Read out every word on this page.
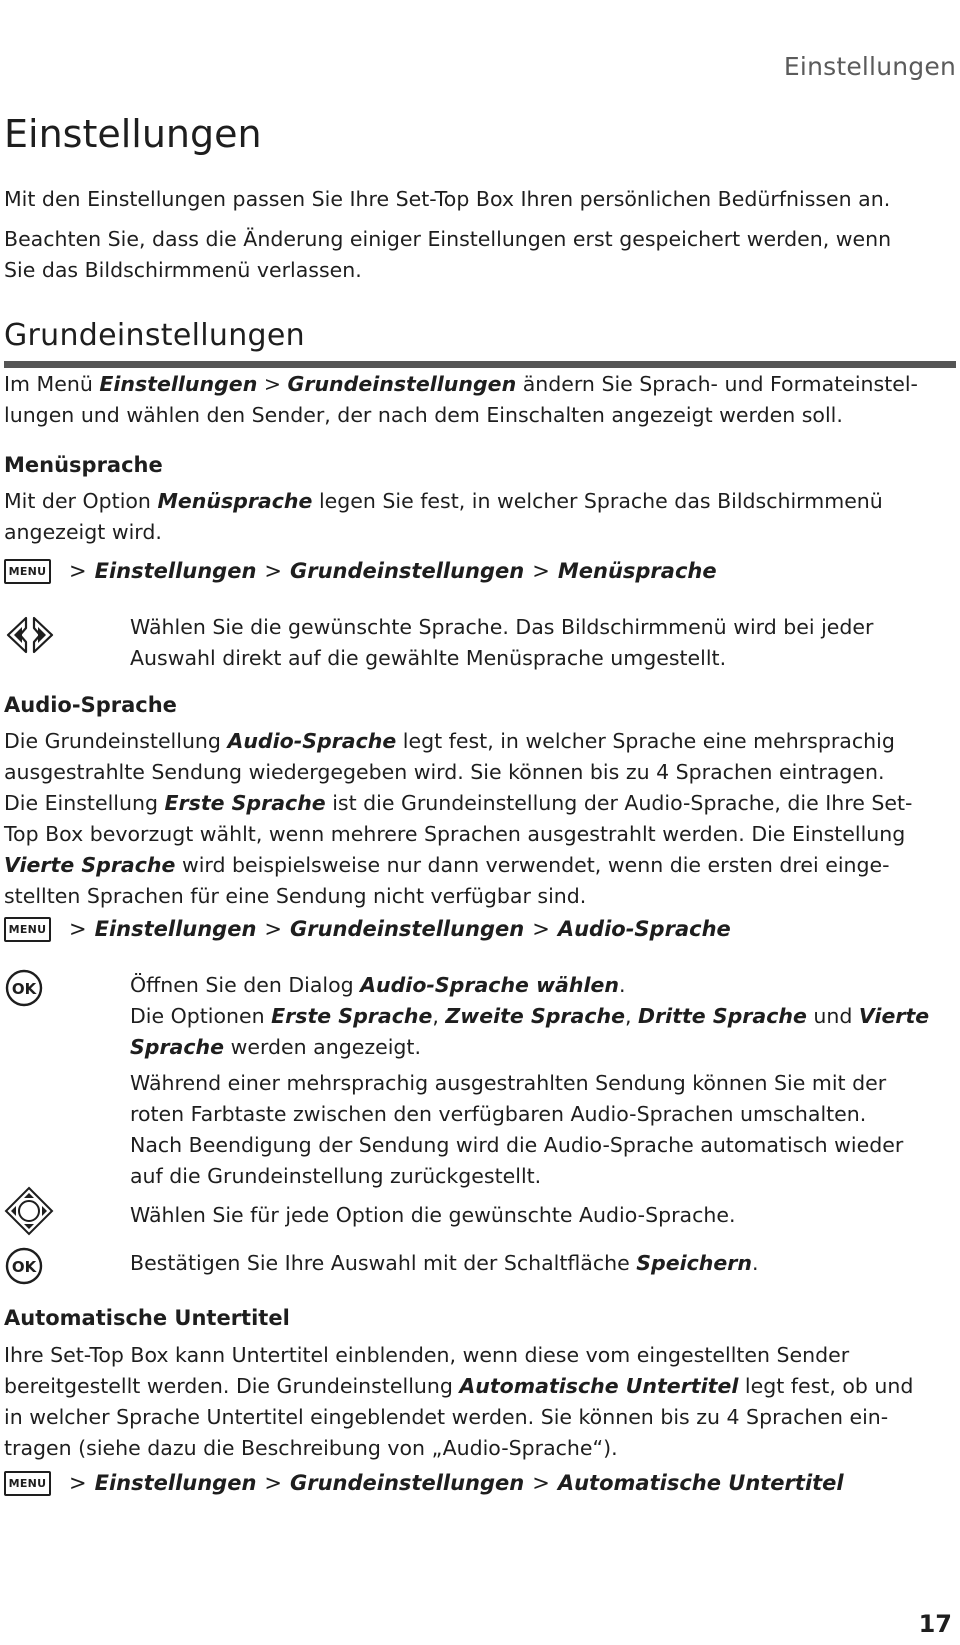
Einstellungen
Einstellungen
Mit den Einstellungen passen Sie Ihre Set-Top Box Ihren persönlichen Bedürfnissen an.
Beachten Sie, dass die Änderung einiger Einstellungen erst gespeichert werden, wenn
Sie das Bildschirmmenü verlassen.
Grundeinstellungen
Im Menü Einstellungen > Grundeinstellungen ändern Sie Sprach- und Formateinstel-
lungen und wählen den Sender, der nach dem Einschalten angezeigt werden soll.
Menüsprache
Mit der Option Menüsprache legen Sie fest, in welcher Sprache das Bildschirmmenü
angezeigt wird.
MENU > Einstellungen > Grundeinstellungen > Menüsprache
Wählen Sie die gewünschte Sprache. Das Bildschirmmenü wird bei jeder
Auswahl direkt auf die gewählte Menüsprache umgestellt.
Audio-Sprache
Die Grundeinstellung Audio-Sprache legt fest, in welcher Sprache eine mehrsprachig
ausgestrahlte Sendung wiedergegeben wird. Sie können bis zu 4 Sprachen eintragen.
Die Einstellung Erste Sprache ist die Grundeinstellung der Audio-Sprache, die Ihre Set-
Top Box bevorzugt wählt, wenn mehrere Sprachen ausgestrahlt werden. Die Einstellung
Vierte Sprache wird beispielsweise nur dann verwendet, wenn die ersten drei einge-
stellten Sprachen für eine Sendung nicht verfügbar sind.
MENU > Einstellungen > Grundeinstellungen > Audio-Sprache
OK	Öffnen Sie den Dialog Audio-Sprache wählen.
Die Optionen Erste Sprache, Zweite Sprache, Dritte Sprache und Vierte
Sprache werden angezeigt.
Während einer mehrsprachig ausgestrahlten Sendung können Sie mit der
roten Farbtaste zwischen den verfügbaren Audio-Sprachen umschalten.
Nach Beendigung der Sendung wird die Audio-Sprache automatisch wieder
auf die Grundeinstellung zurückgestellt.
Wählen Sie für jede Option die gewünschte Audio-Sprache.
OK	Bestätigen Sie Ihre Auswahl mit der Schaltfläche Speichern.
Automatische Untertitel
Ihre Set-Top Box kann Untertitel einblenden, wenn diese vom eingestellten Sender
bereitgestellt werden. Die Grundeinstellung Automatische Untertitel legt fest, ob und
in welcher Sprache Untertitel eingeblendet werden. Sie können bis zu 4 Sprachen ein-
tragen (siehe dazu die Beschreibung von „Audio-Sprache“).
MENU > Einstellungen > Grundeinstellungen > Automatische Untertitel
17
